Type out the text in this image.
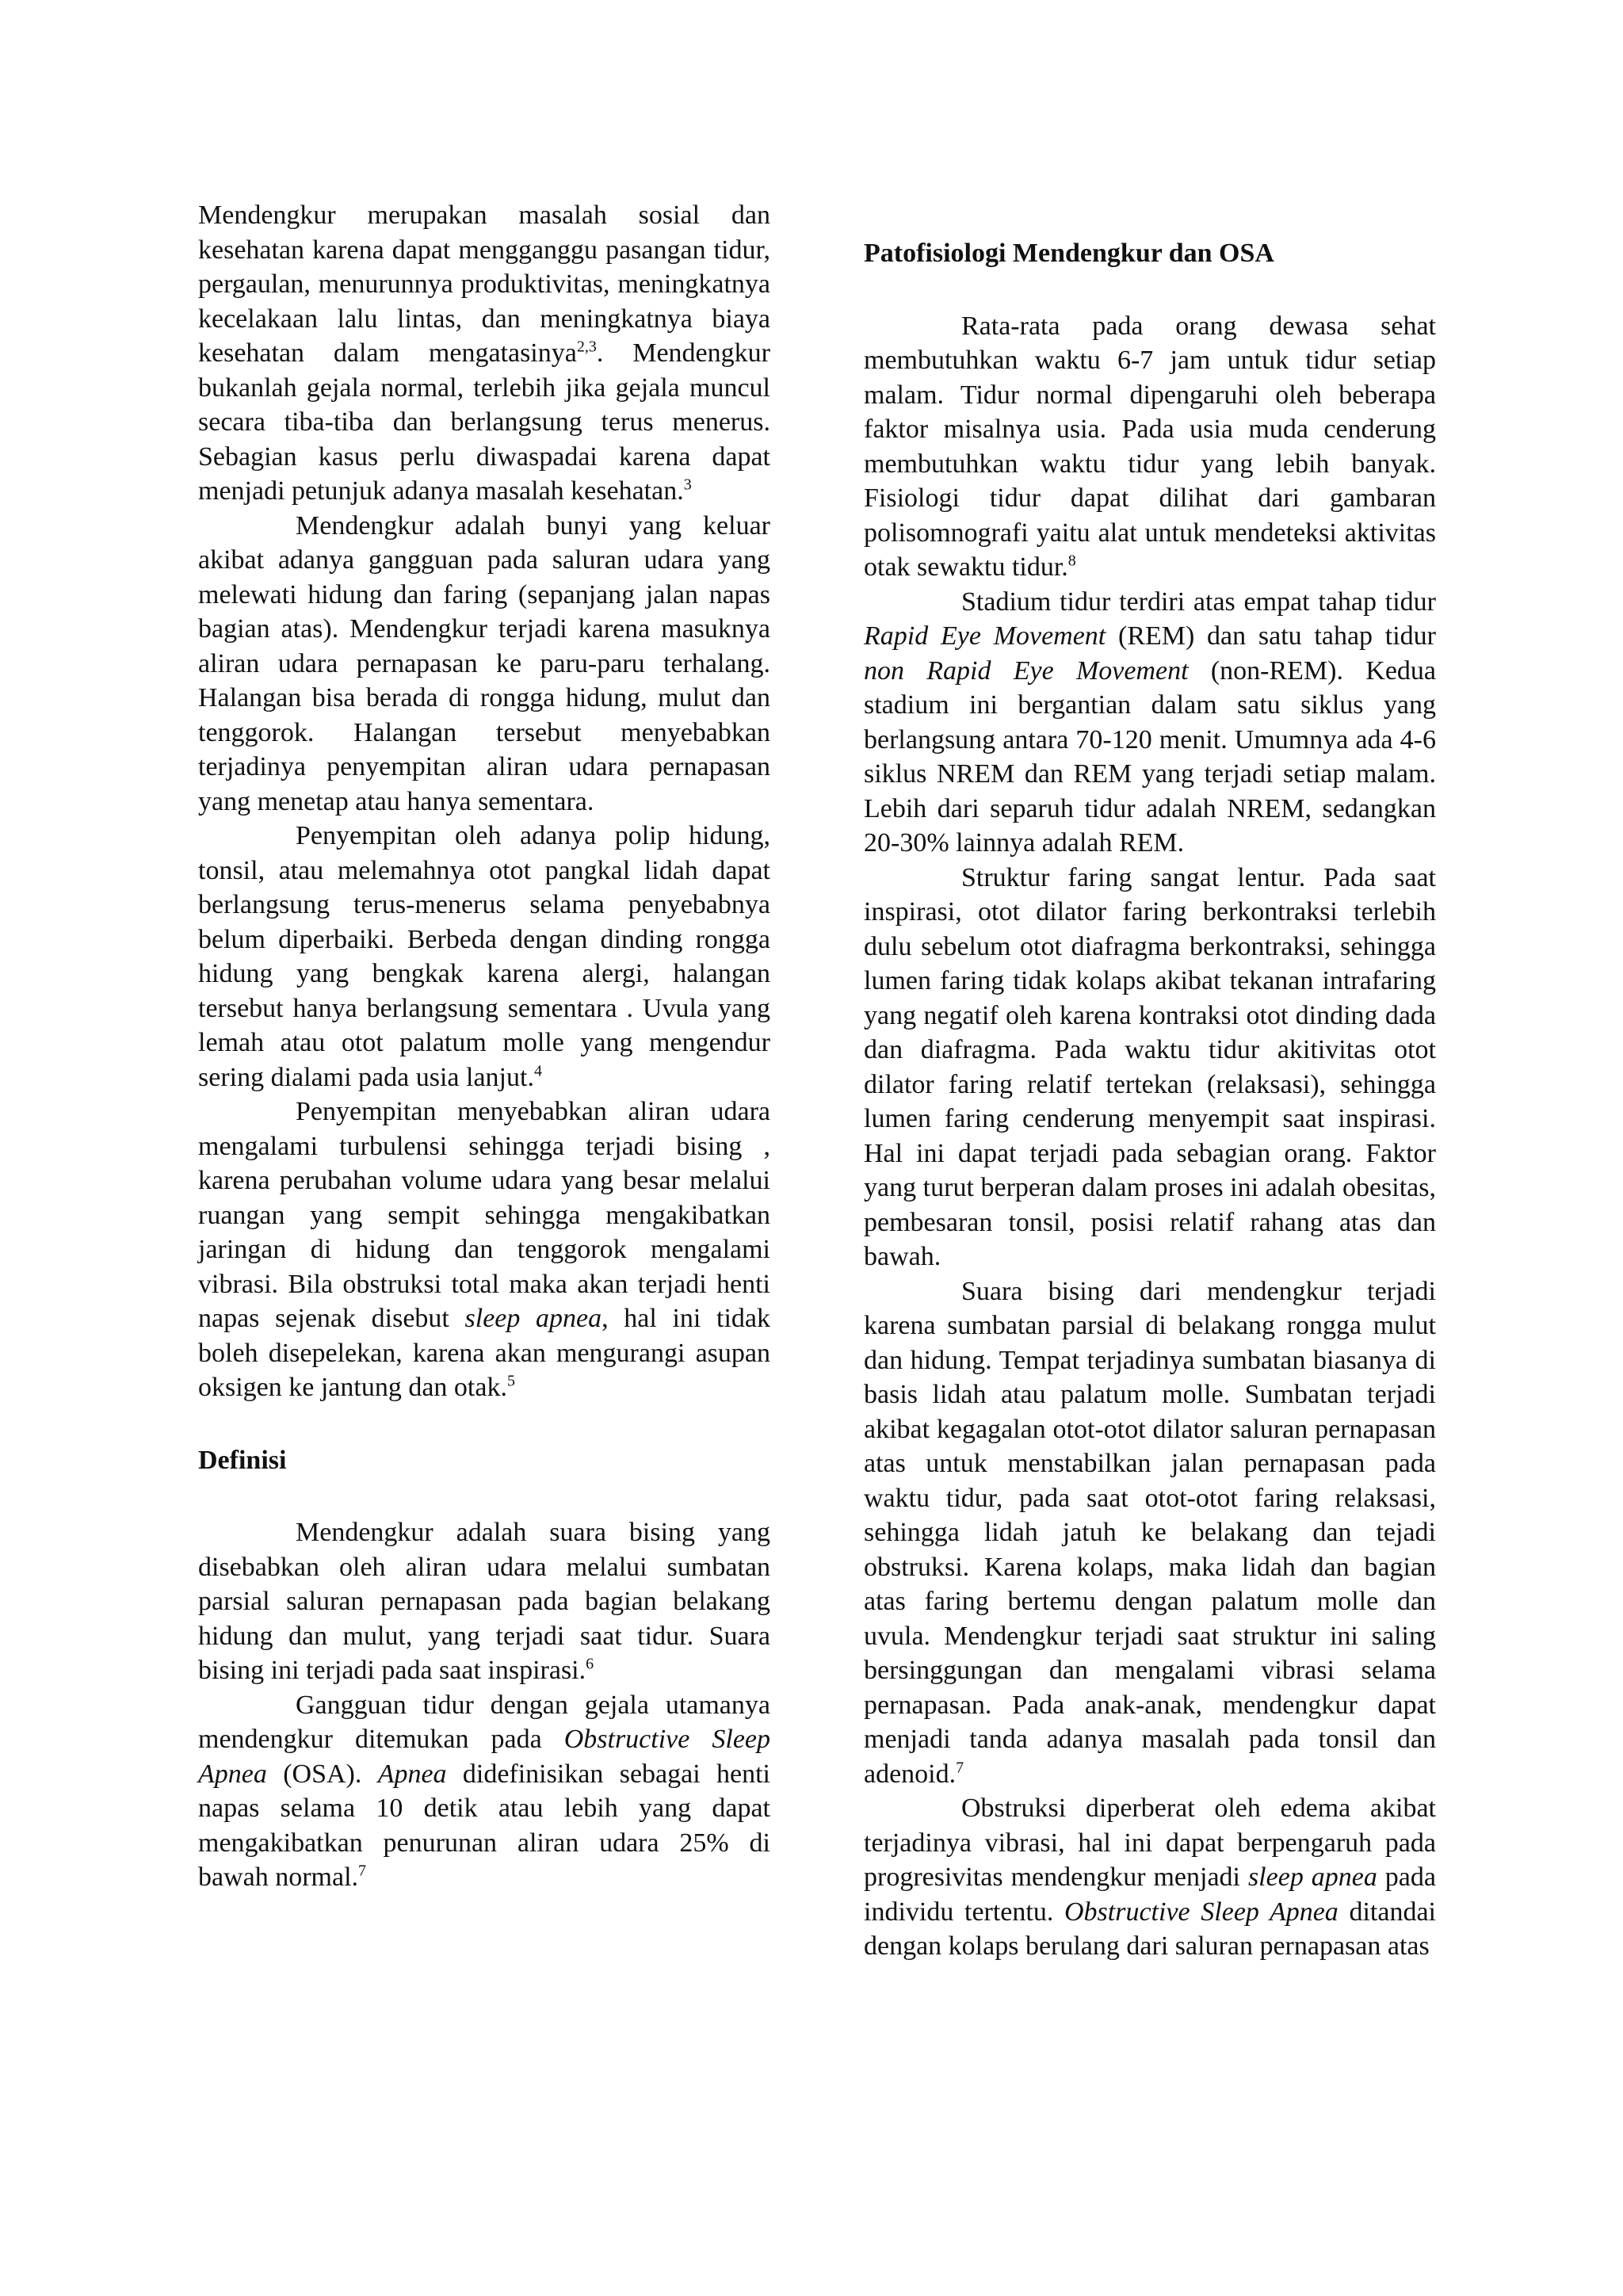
Mendengkur merupakan masalah sosial dan kesehatan karena dapat mengganggu pasangan tidur, pergaulan, menurunnya produktivitas, meningkatnya kecelakaan lalu lintas, dan meningkatnya biaya kesehatan dalam mengatasinya$^{2,3}$. Mendengkur bukanlah gejala normal, terlebih jika gejala muncul secara tiba-tiba dan berlangsung terus menerus. Sebagian kasus perlu diwaspadai karena dapat menjadi petunjuk adanya masalah kesehatan.$^3$

Mendengkur adalah bunyi yang keluar akibat adanya gangguan pada saluran udara yang melewati hidung dan faring (sepanjang jalan napas bagian atas). Mendengkur terjadi karena masuknya aliran udara pernapasan ke paru-paru terhalang. Halangan bisa berada di rongga hidung, mulut dan tenggorok. Halangan tersebut menyebabkan terjadinya penyempitan aliran udara pernapasan yang menetap atau hanya sementara.

Penyempitan oleh adanya polip hidung, tonsil, atau melemahnya otot pangkal lidah dapat berlangsung terus-menerus selama penyebabnya belum diperbaiki. Berbeda dengan dinding rongga hidung yang bengkak karena alergi, halangan tersebut hanya berlangsung sementara . Uvula yang lemah atau otot palatum molle yang mengendur sering dialami pada usia lanjut.$^4$

Penyempitan menyebabkan aliran udara mengalami turbulensi sehingga terjadi bising , karena perubahan volume udara yang besar melalui ruangan yang sempit sehingga mengakibatkan jaringan di hidung dan tenggorok mengalami vibrasi. Bila obstruksi total maka akan terjadi henti napas sejenak disebut sleep apnea, hal ini tidak boleh disepelekan, karena akan mengurangi asupan oksigen ke jantung dan otak.$^5$

Definisi

Mendengkur adalah suara bising yang disebabkan oleh aliran udara melalui sumbatan parsial saluran pernapasan pada bagian belakang hidung dan mulut, yang terjadi saat tidur. Suara bising ini terjadi pada saat inspirasi.$^6$

Gangguan tidur dengan gejala utamanya mendengkur ditemukan pada Obstructive Sleep Apnea (OSA). Apnea didefinisikan sebagai henti napas selama 10 detik atau lebih yang dapat mengakibatkan penurunan aliran udara 25% di bawah normal.$^7$

Patofisiologi Mendengkur dan OSA

Rata-rata pada orang dewasa sehat membutuhkan waktu 6-7 jam untuk tidur setiap malam. Tidur normal dipengaruhi oleh beberapa faktor misalnya usia. Pada usia muda cenderung membutuhkan waktu tidur yang lebih banyak. Fisiologi tidur dapat dilihat dari gambaran polisomnografi yaitu alat untuk mendeteksi aktivitas otak sewaktu tidur.$^8$

Stadium tidur terdiri atas empat tahap tidur Rapid Eye Movement (REM) dan satu tahap tidur non Rapid Eye Movement (non-REM). Kedua stadium ini bergantian dalam satu siklus yang berlangsung antara 70-120 menit. Umumnya ada 4-6 siklus NREM dan REM yang terjadi setiap malam. Lebih dari separuh tidur adalah NREM, sedangkan 20-30% lainnya adalah REM.

Struktur faring sangat lentur. Pada saat inspirasi, otot dilator faring berkontraksi terlebih dulu sebelum otot diafragma berkontraksi, sehingga lumen faring tidak kolaps akibat tekanan intrafaring yang negatif oleh karena kontraksi otot dinding dada dan diafragma. Pada waktu tidur akitivitas otot dilator faring relatif tertekan (relaksasi), sehingga lumen faring cenderung menyempit saat inspirasi. Hal ini dapat terjadi pada sebagian orang. Faktor yang turut berperan dalam proses ini adalah obesitas, pembesaran tonsil, posisi relatif rahang atas dan bawah.

Suara bising dari mendengkur terjadi karena sumbatan parsial di belakang rongga mulut dan hidung. Tempat terjadinya sumbatan biasanya di basis lidah atau palatum molle. Sumbatan terjadi akibat kegagalan otot-otot dilator saluran pernapasan atas untuk menstabilkan jalan pernapasan pada waktu tidur, pada saat otot-otot faring relaksasi, sehingga lidah jatuh ke belakang dan tejadi obstruksi. Karena kolaps, maka lidah dan bagian atas faring bertemu dengan palatum molle dan uvula. Mendengkur terjadi saat struktur ini saling bersinggungan dan mengalami vibrasi selama pernapasan. Pada anak-anak, mendengkur dapat menjadi tanda adanya masalah pada tonsil dan adenoid.$^7$

Obstruksi diperberat oleh edema akibat terjadinya vibrasi, hal ini dapat berpengaruh pada progresivitas mendengkur menjadi sleep apnea pada individu tertentu. Obstructive Sleep Apnea ditandai dengan kolaps berulang dari saluran pernapasan atas
